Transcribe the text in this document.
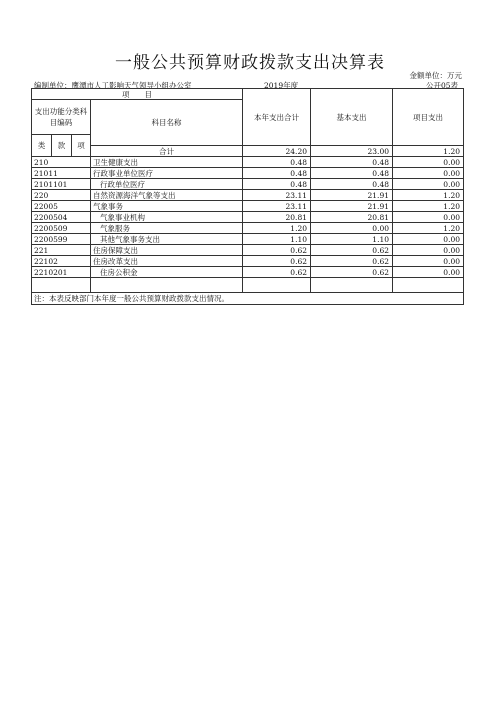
一般公共预算财政拨款支出决算表
金额单位：万元
编制单位：鹰潭市人工影响天气领导小组办公室	2019年度	公开05表
项　　目				本年支出合计	基本支出	项目支出	
支出功能分类科目编码			科目名称				
类	款	项				
			合计	24.20	23.00	1.20	
210			卫生健康支出	0.48	0.48	0.00	
21011			行政事业单位医疗	0.48	0.48	0.00	
2101101			行政单位医疗	0.48	0.48	0.00	
220			自然资源海洋气象等支出	23.11	21.91	1.20	
22005			气象事务	23.11	21.91	1.20	
2200504			气象事业机构	20.81	20.81	0.00	
2200509			气象服务	1.20	0.00	1.20	
2200599			其他气象事务支出	1.10	1.10	0.00	
221			住房保障支出	0.62	0.62	0.00	
22102			住房改革支出	0.62	0.62	0.00	
2210201			住房公积金	0.62	0.62	0.00	

注：本表反映部门本年度一般公共预算财政拨款支出情况。							
